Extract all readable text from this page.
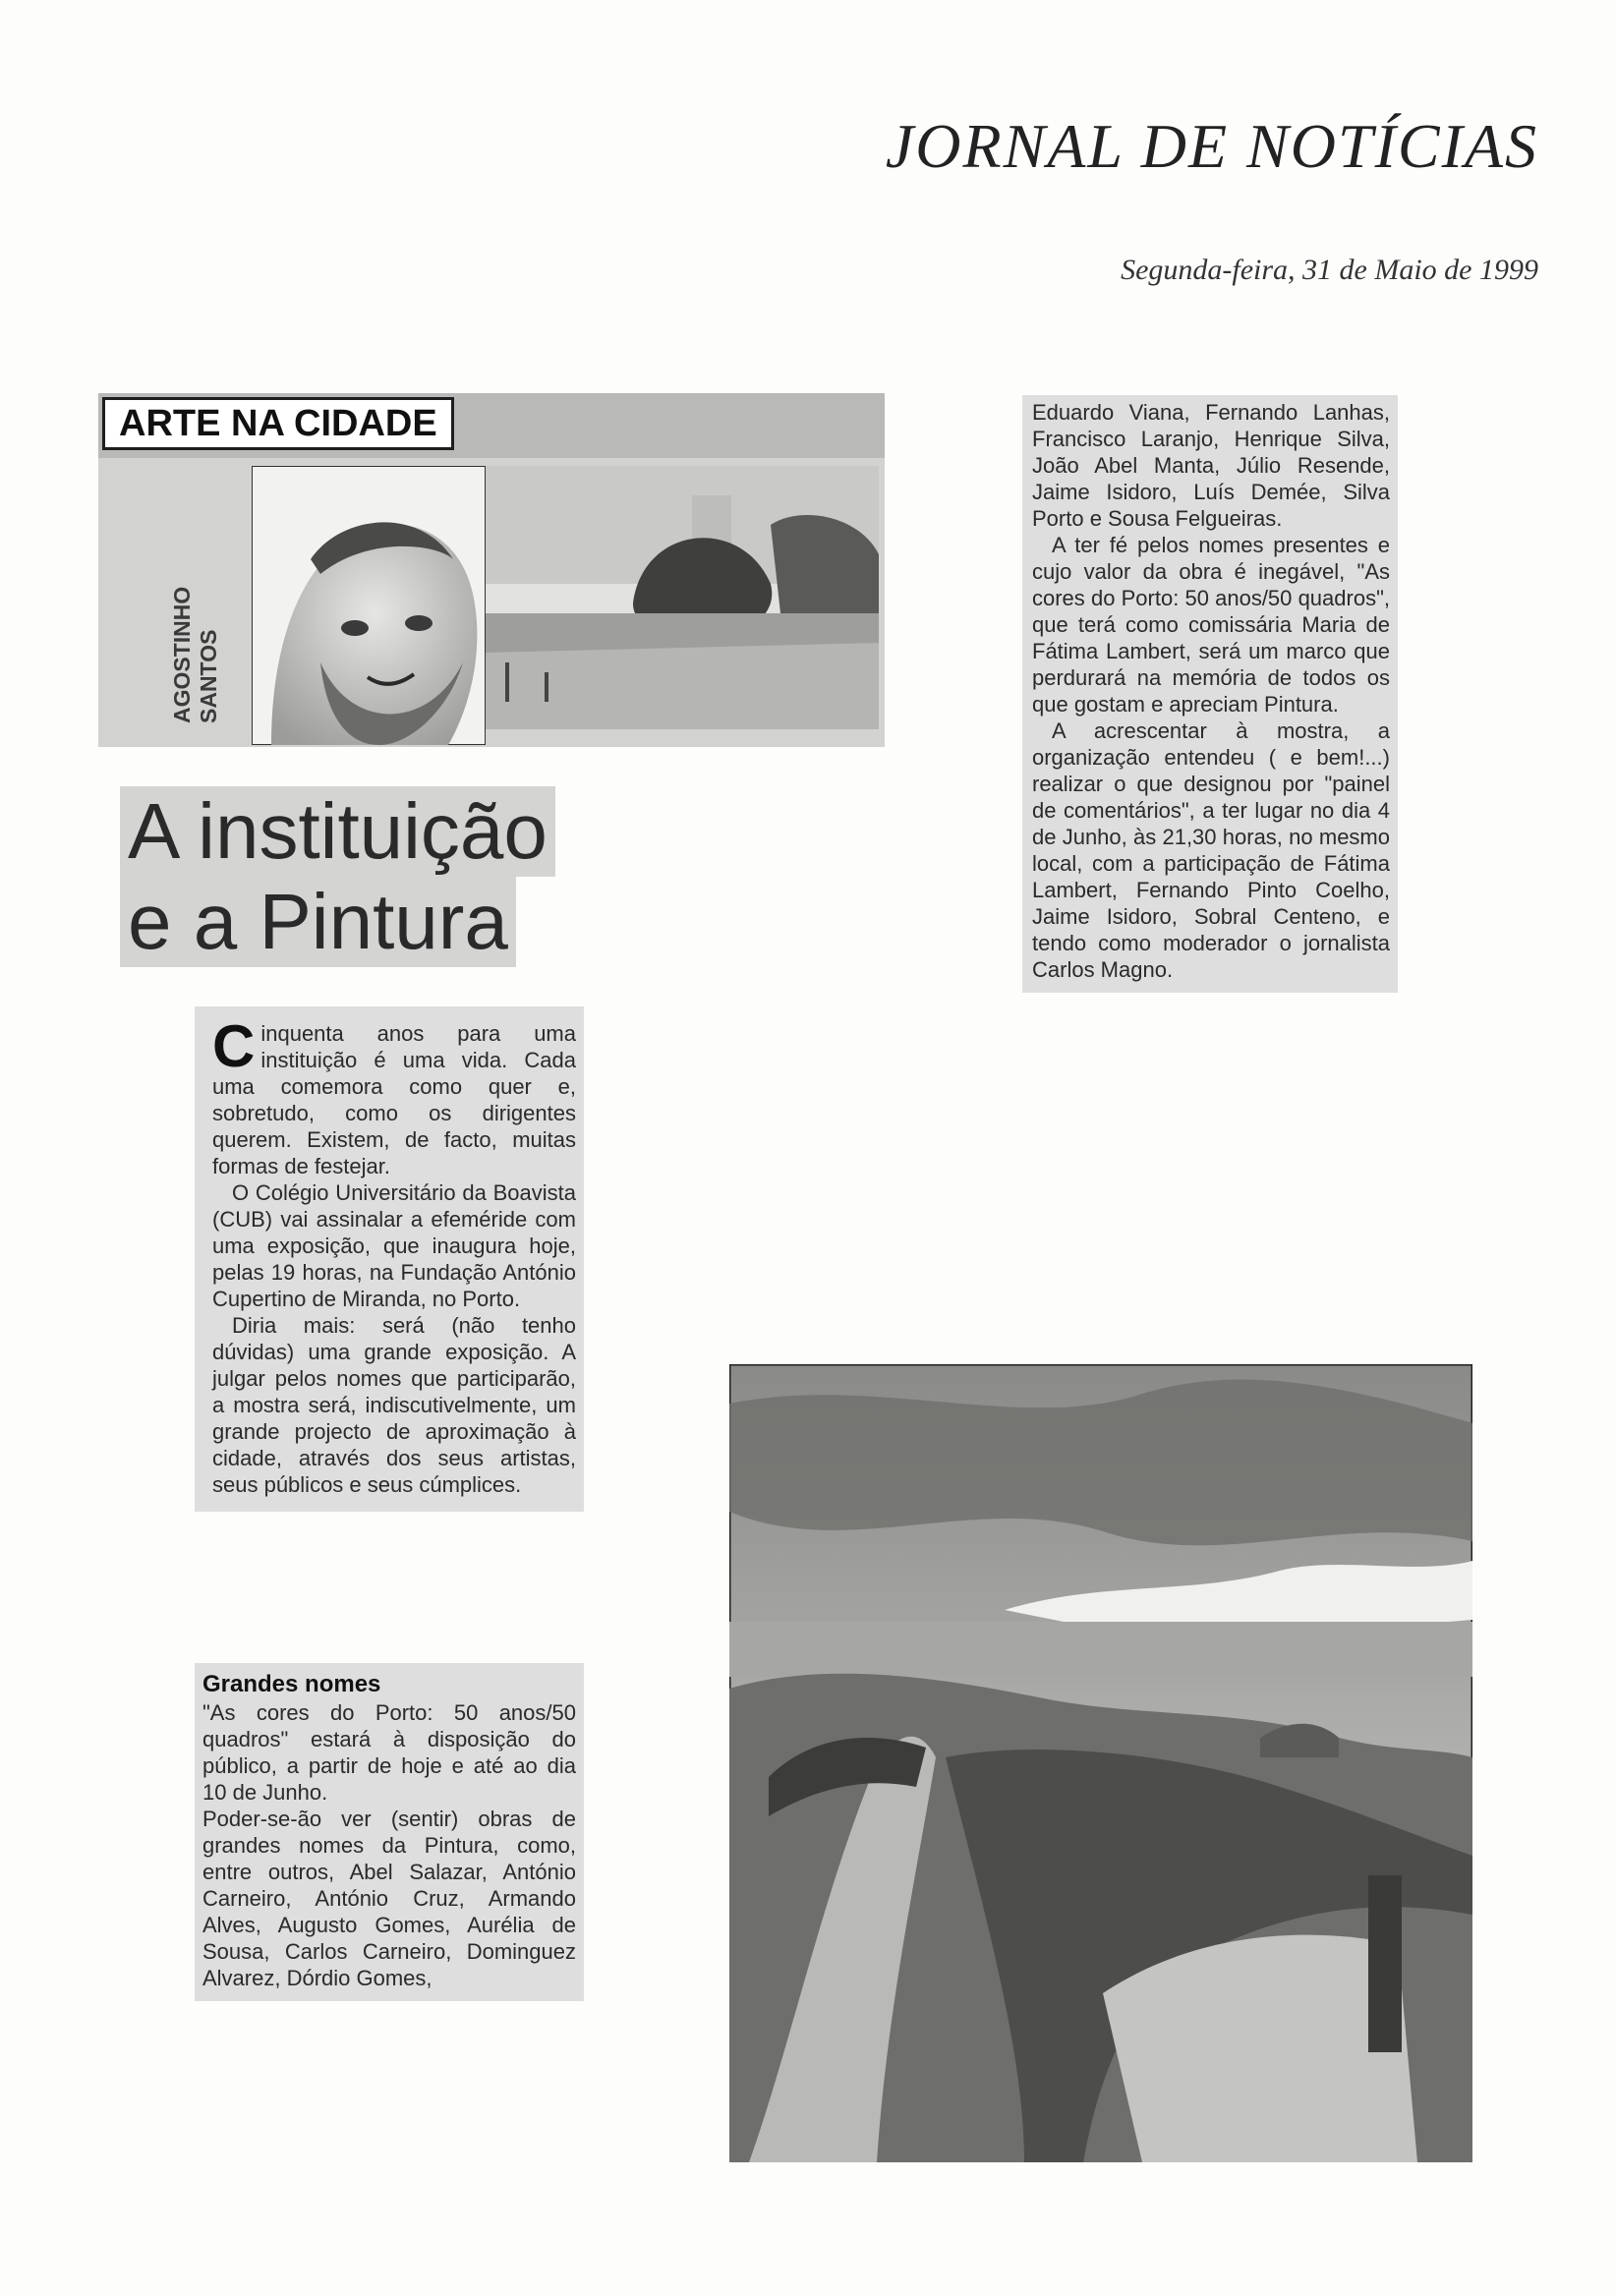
JORNAL DE NOTÍCIAS
Segunda-feira, 31 de Maio de 1999
ARTE NA CIDADE
AGOSTINHO SANTOS
A instituição
e a Pintura

Cinquenta anos para uma instituição é uma vida. Cada uma comemora como quer e, sobretudo, como os dirigentes querem. Existem, de facto, muitas formas de festejar.

O Colégio Universitário da Boavista (CUB) vai assinalar a efeméride com uma exposição, que inaugura hoje, pelas 19 horas, na Fundação António Cupertino de Miranda, no Porto.

Diria mais: será (não tenho dúvidas) uma grande exposição. A julgar pelos nomes que participarão, a mostra será, indiscutivelmente, um grande projecto de aproximação à cidade, através dos seus artistas, seus públicos e seus cúmplices.

Grandes nomes

"As cores do Porto: 50 anos/50 quadros" estará à disposição do público, a partir de hoje e até ao dia 10 de Junho.

Poder-se-ão ver (sentir) obras de grandes nomes da Pintura, como, entre outros, Abel Salazar, António Carneiro, António Cruz, Armando Alves, Augusto Gomes, Aurélia de Sousa, Carlos Carneiro, Dominguez Alvarez, Dórdio Gomes,

Eduardo Viana, Fernando Lanhas, Francisco Laranjo, Henrique Silva, João Abel Manta, Júlio Resende, Jaime Isidoro, Luís Demée, Silva Porto e Sousa Felgueiras.

A ter fé pelos nomes presentes e cujo valor da obra é inegável, "As cores do Porto: 50 anos/50 quadros", que terá como comissária Maria de Fátima Lambert, será um marco que perdurará na memória de todos os que gostam e apreciam Pintura.

A acrescentar à mostra, a organização entendeu ( e bem!...) realizar o que designou por "painel de comentários", a ter lugar no dia 4 de Junho, às 21,30 horas, no mesmo local, com a participação de Fátima Lambert, Fernando Pinto Coelho, Jaime Isidoro, Sobral Centeno, e tendo como moderador o jornalista Carlos Magno.
